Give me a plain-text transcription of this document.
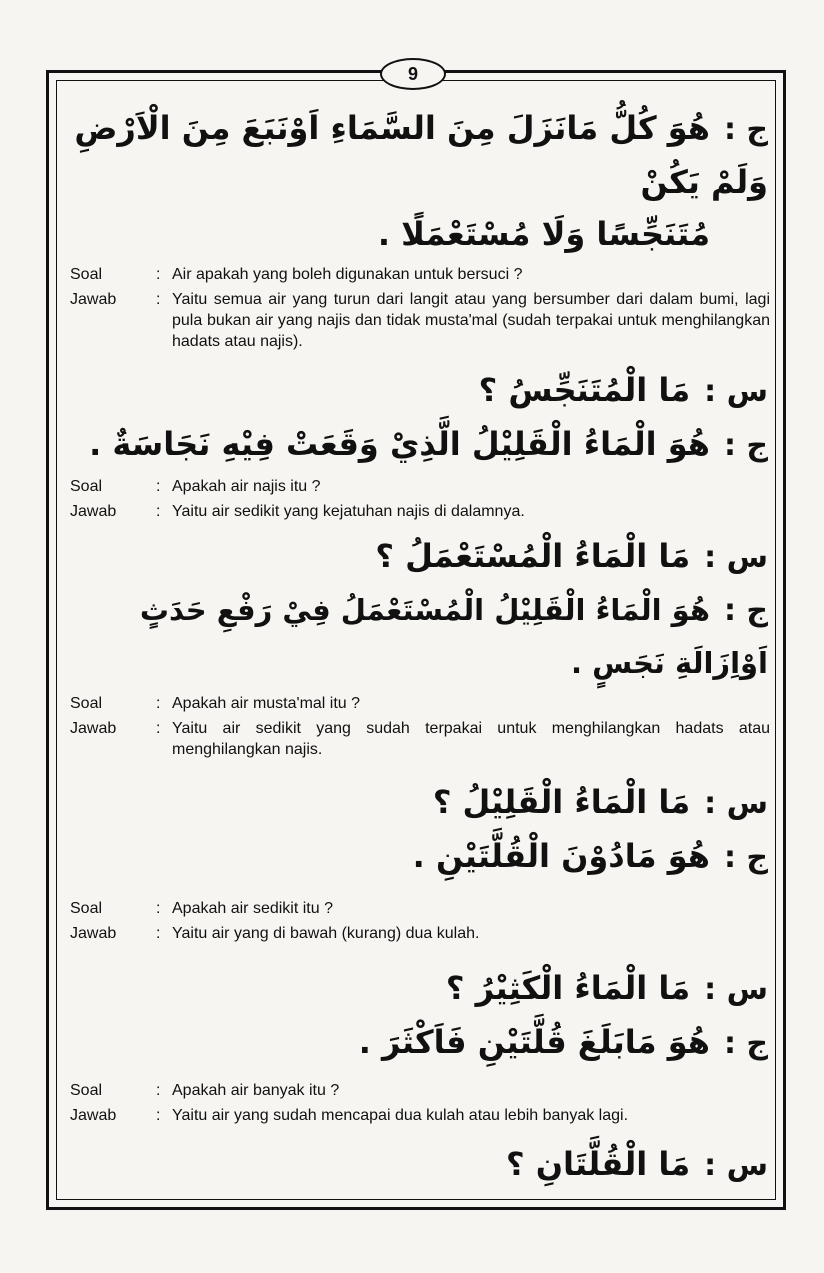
9
ج :هُوَ كُلُّ مَانَزَلَ مِنَ السَّمَاءِ اَوْنَبَعَ مِنَ الْاَرْضِ وَلَمْ يَكُنْ
مُتَنَجِّسًا وَلَا مُسْتَعْمَلًا .
Soal	: Air apakah yang boleh digunakan untuk bersuci ?
Jawab	: Yaitu semua air yang turun dari langit atau yang bersumber dari dalam bumi, lagi pula bukan air yang najis dan tidak musta'mal (sudah terpakai untuk menghilangkan hadats atau najis).
س :مَا الْمُتَنَجِّسُ ؟
ج :هُوَ الْمَاءُ الْقَلِيْلُ الَّذِيْ وَقَعَتْ فِيْهِ نَجَاسَةٌ .
Soal	: Apakah air najis itu ?
Jawab	: Yaitu air sedikit yang kejatuhan najis di dalamnya.
س :مَا الْمَاءُ الْمُسْتَعْمَلُ ؟
ج :هُوَ الْمَاءُ الْقَلِيْلُ الْمُسْتَعْمَلُ فِيْ رَفْعِ حَدَثٍ اَوْاِزَالَةِ نَجَسٍ .
Soal	: Apakah air musta'mal itu ?
Jawab	: Yaitu air sedikit yang sudah terpakai untuk menghilangkan hadats atau menghilangkan najis.
س :مَا الْمَاءُ الْقَلِيْلُ ؟
ج :هُوَ مَادُوْنَ الْقُلَّتَيْنِ .
Soal	: Apakah air sedikit itu ?
Jawab	: Yaitu air yang di bawah (kurang) dua kulah.
س :مَا الْمَاءُ الْكَثِيْرُ ؟
ج :هُوَ مَابَلَغَ قُلَّتَيْنِ فَاَكْثَرَ .
Soal	: Apakah air banyak itu ?
Jawab	: Yaitu air yang sudah mencapai dua kulah atau lebih banyak lagi.
س :مَا الْقُلَّتَانِ ؟
